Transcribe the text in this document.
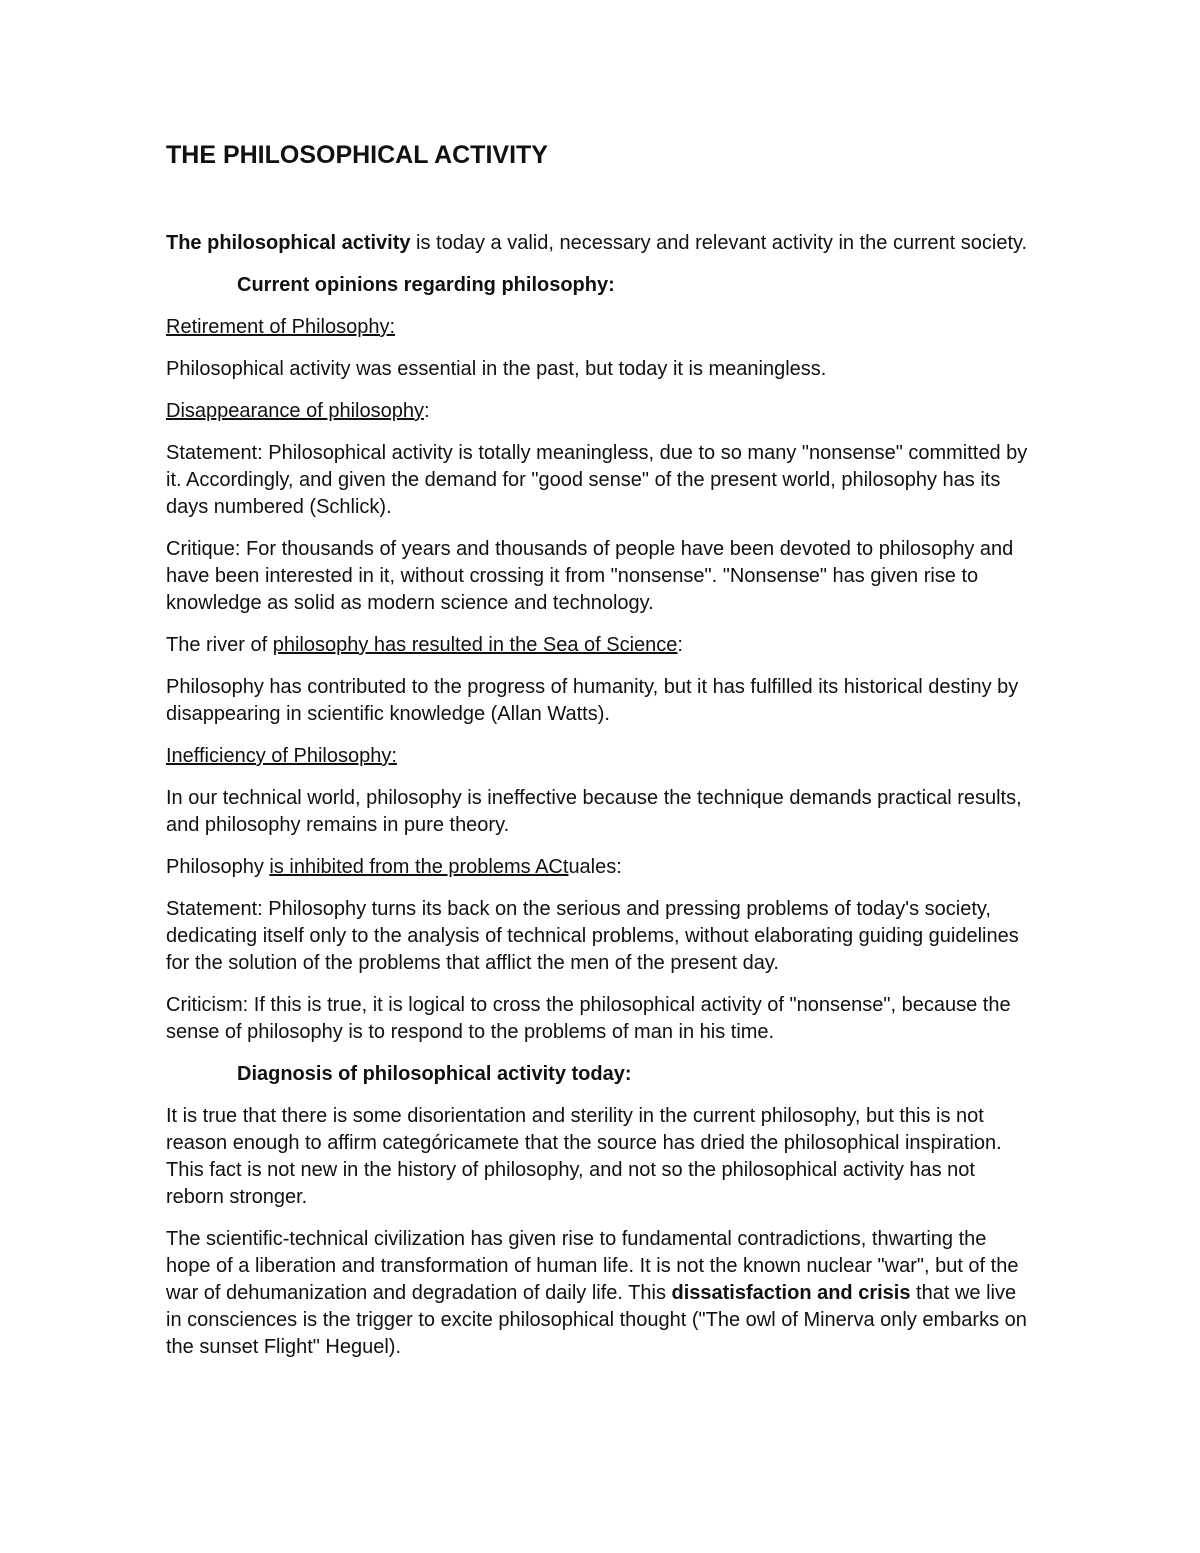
THE PHILOSOPHICAL ACTIVITY

The philosophical activity is today a valid, necessary and relevant activity in the current society.

Current opinions regarding philosophy:

Retirement of Philosophy:

Philosophical activity was essential in the past, but today it is meaningless.

Disappearance of philosophy:

Statement: Philosophical activity is totally meaningless, due to so many "nonsense" committed by it. Accordingly, and given the demand for "good sense" of the present world, philosophy has its days numbered (Schlick).

Critique: For thousands of years and thousands of people have been devoted to philosophy and have been interested in it, without crossing it from "nonsense". "Nonsense" has given rise to knowledge as solid as modern science and technology.

The river of philosophy has resulted in the Sea of Science:

Philosophy has contributed to the progress of humanity, but it has fulfilled its historical destiny by disappearing in scientific knowledge (Allan Watts).

Inefficiency of Philosophy:

In our technical world, philosophy is ineffective because the technique demands practical results, and philosophy remains in pure theory.

Philosophy is inhibited from the problems ACtuales:

Statement: Philosophy turns its back on the serious and pressing problems of today's society, dedicating itself only to the analysis of technical problems, without elaborating guiding guidelines for the solution of the problems that afflict the men of the present day.

Criticism: If this is true, it is logical to cross the philosophical activity of "nonsense", because the sense of philosophy is to respond to the problems of man in his time.

Diagnosis of philosophical activity today:

It is true that there is some disorientation and sterility in the current philosophy, but this is not reason enough to affirm categóricamete that the source has dried the philosophical inspiration. This fact is not new in the history of philosophy, and not so the philosophical activity has not reborn stronger.

The scientific-technical civilization has given rise to fundamental contradictions, thwarting the hope of a liberation and transformation of human life. It is not the known nuclear "war", but of the war of dehumanization and degradation of daily life. This dissatisfaction and crisis that we live in consciences is the trigger to excite philosophical thought ("The owl of Minerva only embarks on the sunset Flight" Heguel).
